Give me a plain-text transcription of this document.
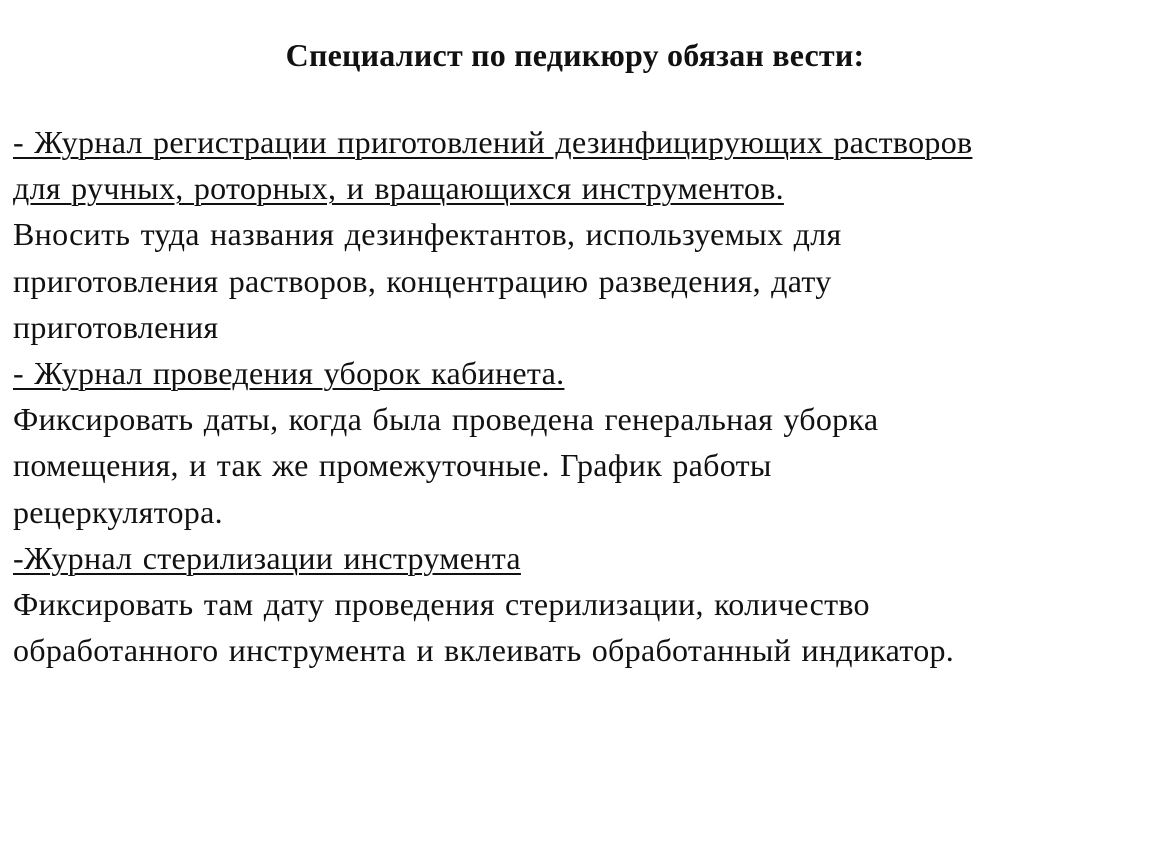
Специалист по педикюру обязан вести:
- Журнал регистрации приготовлений дезинфицирующих растворов
для ручных, роторных, и вращающихся инструментов.
Вносить туда названия дезинфектантов, используемых для
приготовления растворов, концентрацию разведения, дату
приготовления
- Журнал проведения уборок кабинета.
Фиксировать даты, когда была проведена генеральная уборка
помещения, и так же промежуточные. График работы
рецеркулятора.
-Журнал стерилизации инструмента
Фиксировать там дату проведения стерилизации, количество
обработанного инструмента и вклеивать обработанный индикатор.
